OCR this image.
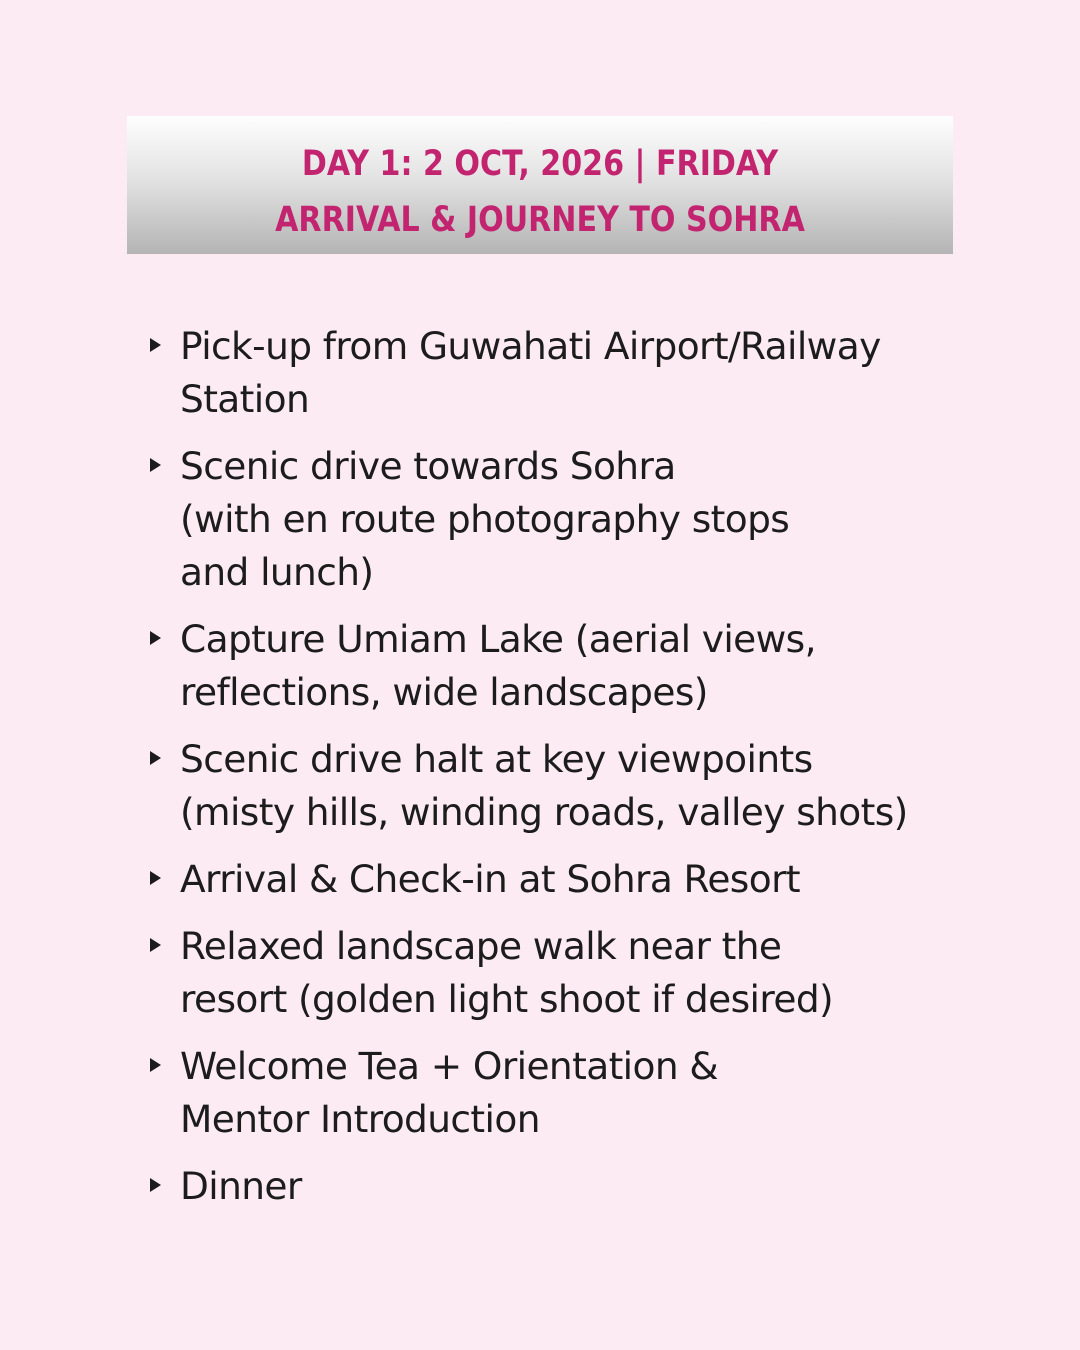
DAY 1: 2 OCT, 2026 | FRIDAY
ARRIVAL & JOURNEY TO SOHRA
Pick-up from Guwahati Airport/Railway
Station
Scenic drive towards Sohra
(with en route photography stops
and lunch)
Capture Umiam Lake (aerial views,
reflections, wide landscapes)
Scenic drive halt at key viewpoints
(misty hills, winding roads, valley shots)
Arrival & Check-in at Sohra Resort
Relaxed landscape walk near the
resort (golden light shoot if desired)
Welcome Tea + Orientation &
Mentor Introduction
Dinner
